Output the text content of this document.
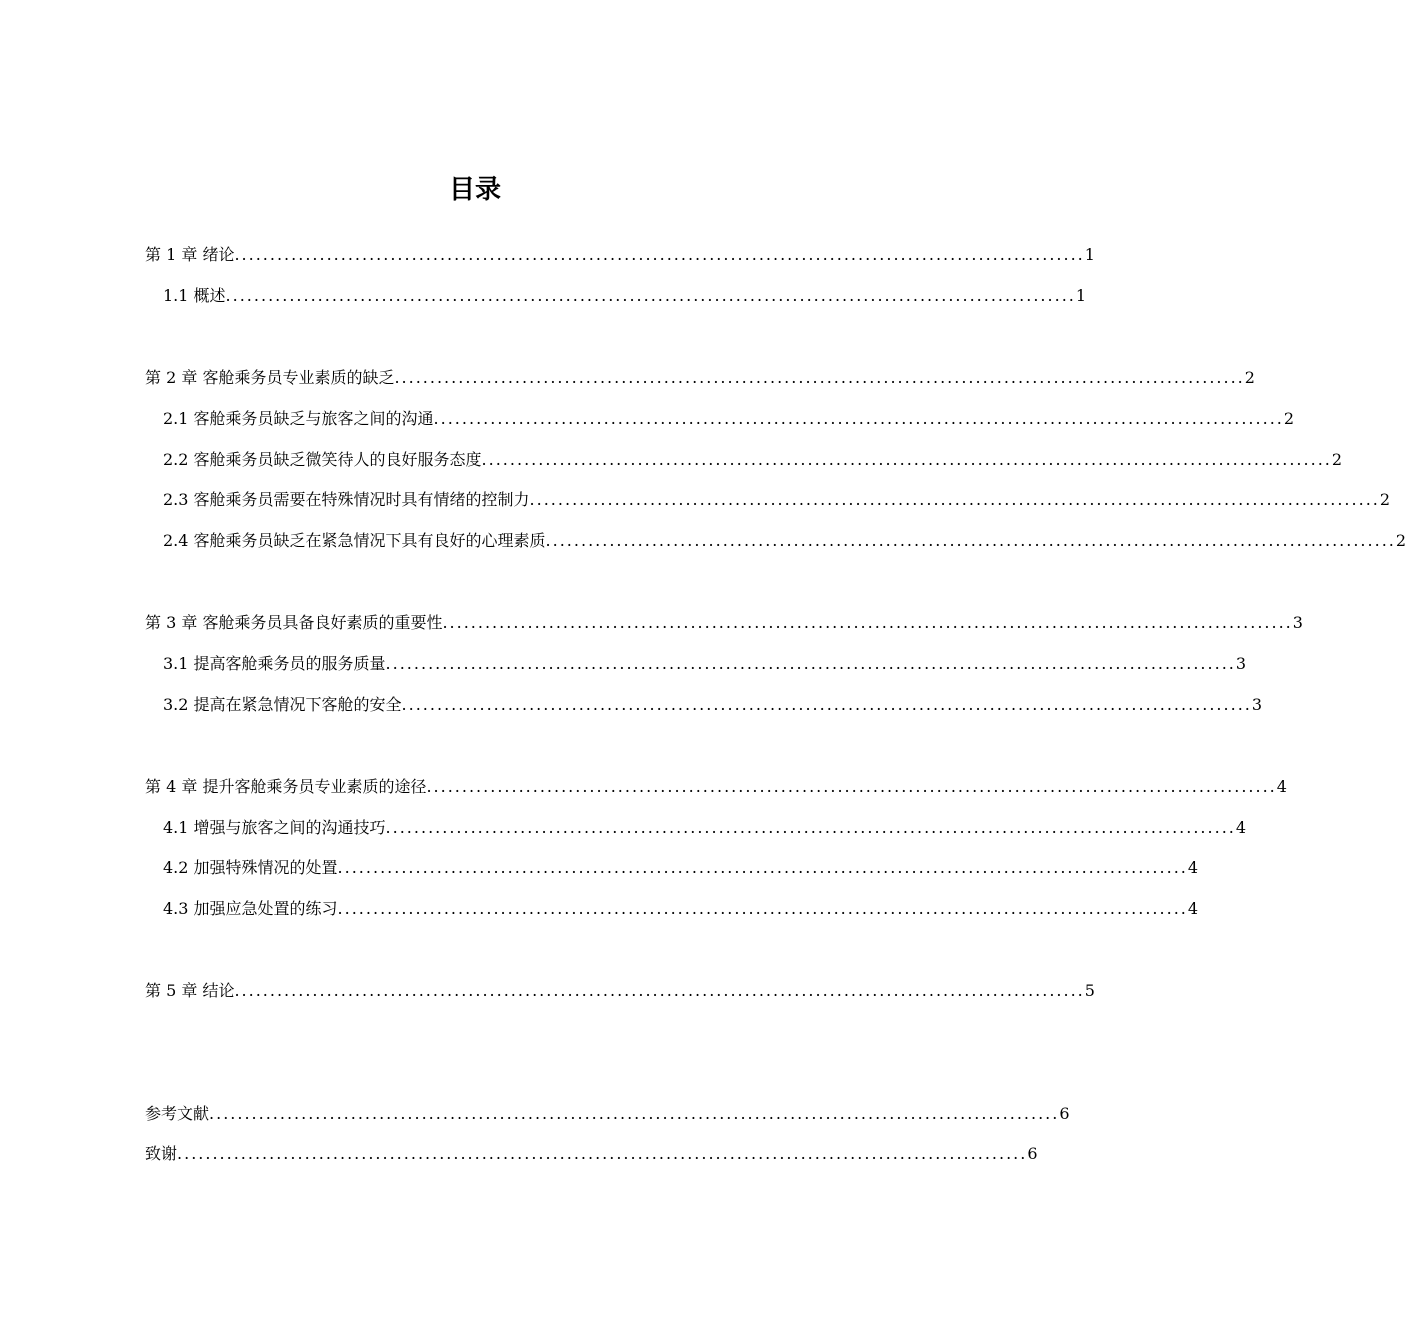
目录
第 1 章 绪论 ........................................................................................................................ 1
1.1 概述 ........................................................................................................................ 1
第 2 章 客舱乘务员专业素质的缺乏 ........................................................................................................................ 2
2.1 客舱乘务员缺乏与旅客之间的沟通 ........................................................................................................................ 2
2.2 客舱乘务员缺乏微笑待人的良好服务态度 ........................................................................................................................ 2
2.3 客舱乘务员需要在特殊情况时具有情绪的控制力 ........................................................................................................................ 2
2.4 客舱乘务员缺乏在紧急情况下具有良好的心理素质 ........................................................................................................................ 2
第 3 章 客舱乘务员具备良好素质的重要性 ........................................................................................................................ 3
3.1 提高客舱乘务员的服务质量 ........................................................................................................................ 3
3.2 提高在紧急情况下客舱的安全 ........................................................................................................................ 3
第 4 章 提升客舱乘务员专业素质的途径 ........................................................................................................................ 4
4.1 增强与旅客之间的沟通技巧 ........................................................................................................................ 4
4.2 加强特殊情况的处置 ........................................................................................................................ 4
4.3 加强应急处置的练习 ........................................................................................................................ 4
第 5 章 结论 ........................................................................................................................ 5
参考文献 ........................................................................................................................ 6
致谢 ........................................................................................................................ 6
